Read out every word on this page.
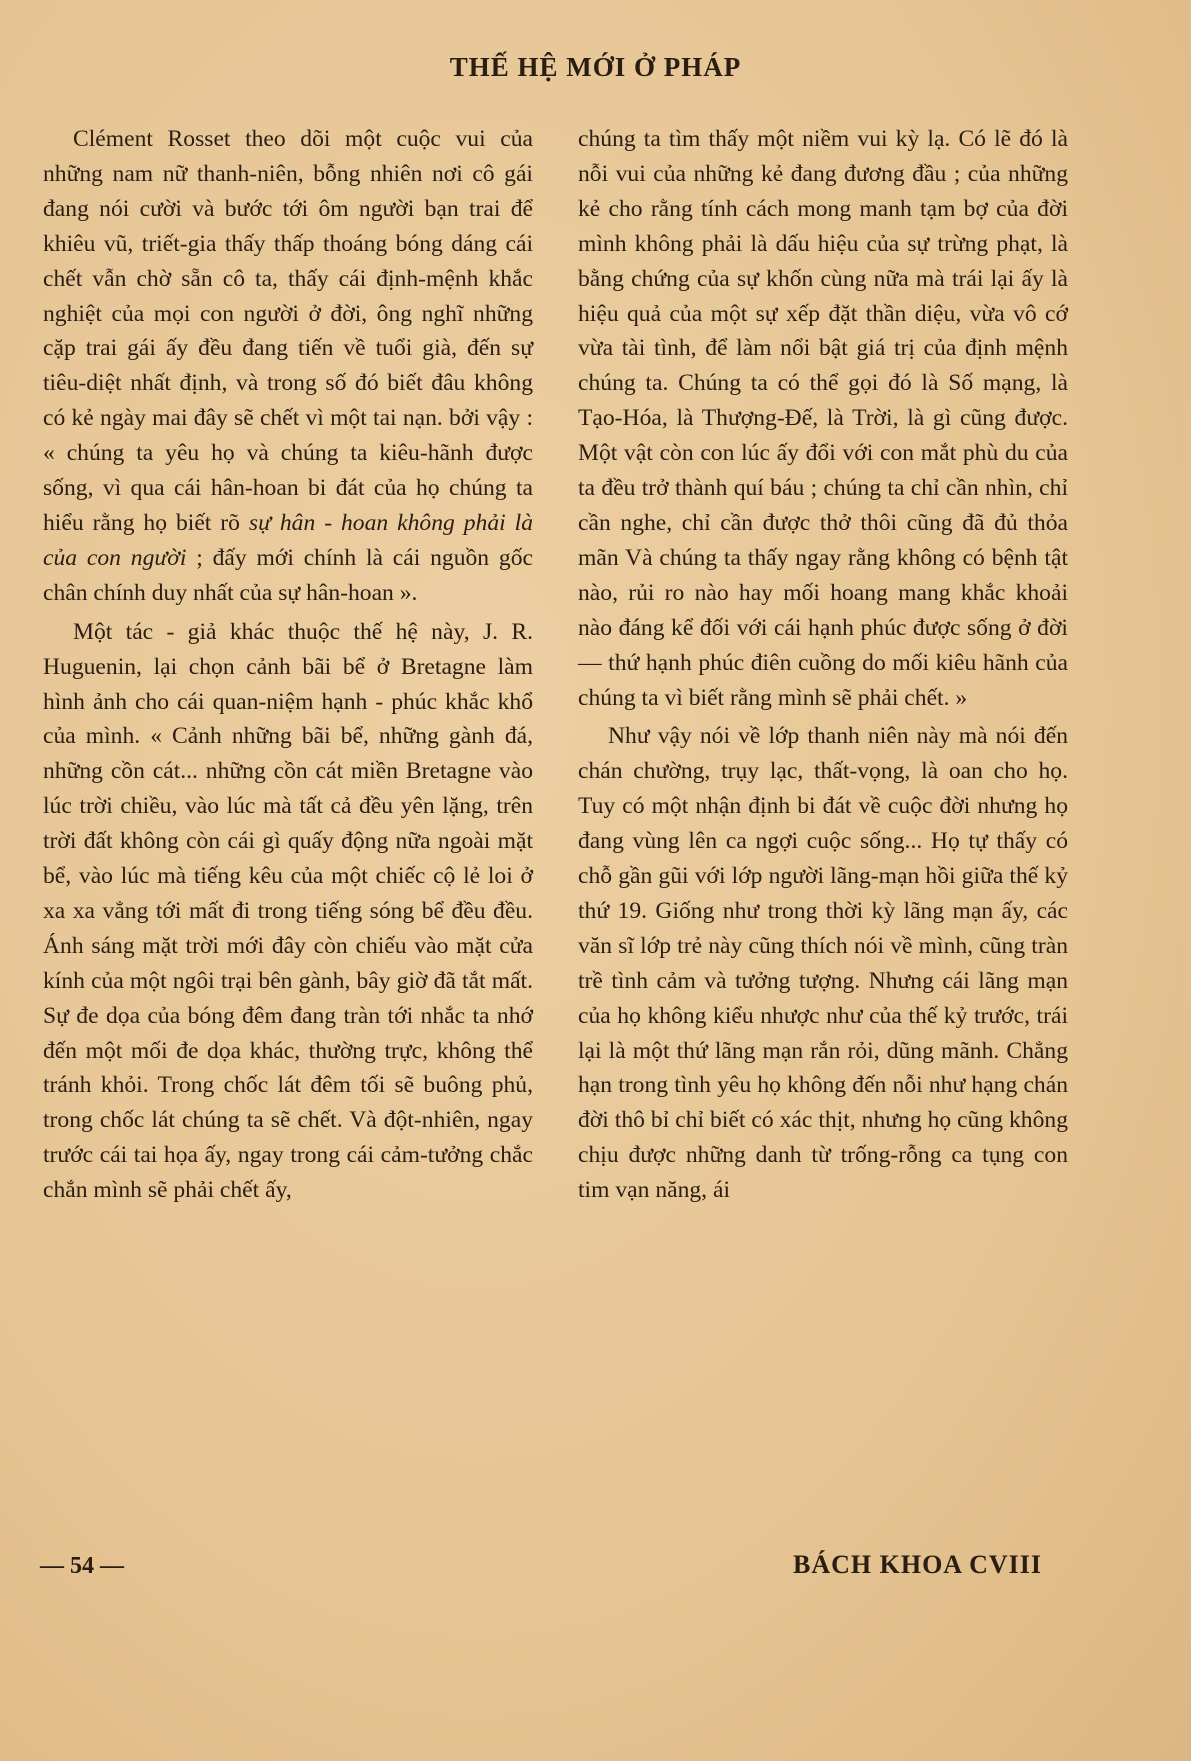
THẾ HỆ MỚI Ở PHÁP

Clément Rosset theo dõi một cuộc vui của những nam nữ thanh-niên, bỗng nhiên nơi cô gái đang nói cười và bước tới ôm người bạn trai để khiêu vũ, triết-gia thấy thấp thoáng bóng dáng cái chết vẫn chờ sẵn cô ta, thấy cái định-mệnh khắc nghiệt của mọi con người ở đời, ông nghĩ những cặp trai gái ấy đều đang tiến về tuổi già, đến sự tiêu-diệt nhất định, và trong số đó biết đâu không có kẻ ngày mai đây sẽ chết vì một tai nạn. bởi vậy : « chúng ta yêu họ và chúng ta kiêu-hãnh được sống, vì qua cái hân-hoan bi đát của họ chúng ta hiểu rằng họ biết rõ sự hân - hoan không phải là của con người ; đấy mới chính là cái nguồn gốc chân chính duy nhất của sự hân-hoan ».

Một tác - giả khác thuộc thế hệ này, J. R. Huguenin, lại chọn cảnh bãi bể ở Bretagne làm hình ảnh cho cái quan-niệm hạnh - phúc khắc khổ của mình. « Cảnh những bãi bể, những gành đá, những cồn cát... những cồn cát miền Bretagne vào lúc trời chiều, vào lúc mà tất cả đều yên lặng, trên trời đất không còn cái gì quấy động nữa ngoài mặt bể, vào lúc mà tiếng kêu của một chiếc cộ lẻ loi ở xa xa vẳng tới mất đi trong tiếng sóng bể đều đều. Ánh sáng mặt trời mới đây còn chiếu vào mặt cửa kính của một ngôi trại bên gành, bây giờ đã tắt mất. Sự đe dọa của bóng đêm đang tràn tới nhắc ta nhớ đến một mối đe dọa khác, thường trực, không thể tránh khỏi. Trong chốc lát đêm tối sẽ buông phủ, trong chốc lát chúng ta sẽ chết. Và đột-nhiên, ngay trước cái tai họa ấy, ngay trong cái cảm-tưởng chắc chắn mình sẽ phải chết ấy,

chúng ta tìm thấy một niềm vui kỳ lạ. Có lẽ đó là nỗi vui của những kẻ đang đương đầu ; của những kẻ cho rằng tính cách mong manh tạm bợ của đời mình không phải là dấu hiệu của sự trừng phạt, là bằng chứng của sự khốn cùng nữa mà trái lại ấy là hiệu quả của một sự xếp đặt thần diệu, vừa vô cớ vừa tài tình, để làm nổi bật giá trị của định mệnh chúng ta. Chúng ta có thể gọi đó là Số mạng, là Tạo-Hóa, là Thượng-Đế, là Trời, là gì cũng được. Một vật còn con lúc ấy đổi với con mắt phù du của ta đều trở thành quí báu ; chúng ta chỉ cần nhìn, chỉ cần nghe, chỉ cần được thở thôi cũng đã đủ thỏa mãn Và chúng ta thấy ngay rằng không có bệnh tật nào, rủi ro nào hay mối hoang mang khắc khoải nào đáng kể đối với cái hạnh phúc được sống ở đời — thứ hạnh phúc điên cuồng do mối kiêu hãnh của chúng ta vì biết rằng mình sẽ phải chết. »

Như vậy nói về lớp thanh niên này mà nói đến chán chường, trụy lạc, thất-vọng, là oan cho họ. Tuy có một nhận định bi đát về cuộc đời nhưng họ đang vùng lên ca ngợi cuộc sống... Họ tự thấy có chỗ gần gũi với lớp người lãng-mạn hồi giữa thế kỷ thứ 19. Giống như trong thời kỳ lãng mạn ấy, các văn sĩ lớp trẻ này cũng thích nói về mình, cũng tràn trề tình cảm và tưởng tượng. Nhưng cái lãng mạn của họ không kiểu nhược như của thế kỷ trước, trái lại là một thứ lãng mạn rắn rỏi, dũng mãnh. Chẳng hạn trong tình yêu họ không đến nỗi như hạng chán đời thô bỉ chỉ biết có xác thịt, nhưng họ cũng không chịu được những danh từ trống-rỗng ca tụng con tim vạn năng, ái

— 54 —	BÁCH KHOA CVIII
